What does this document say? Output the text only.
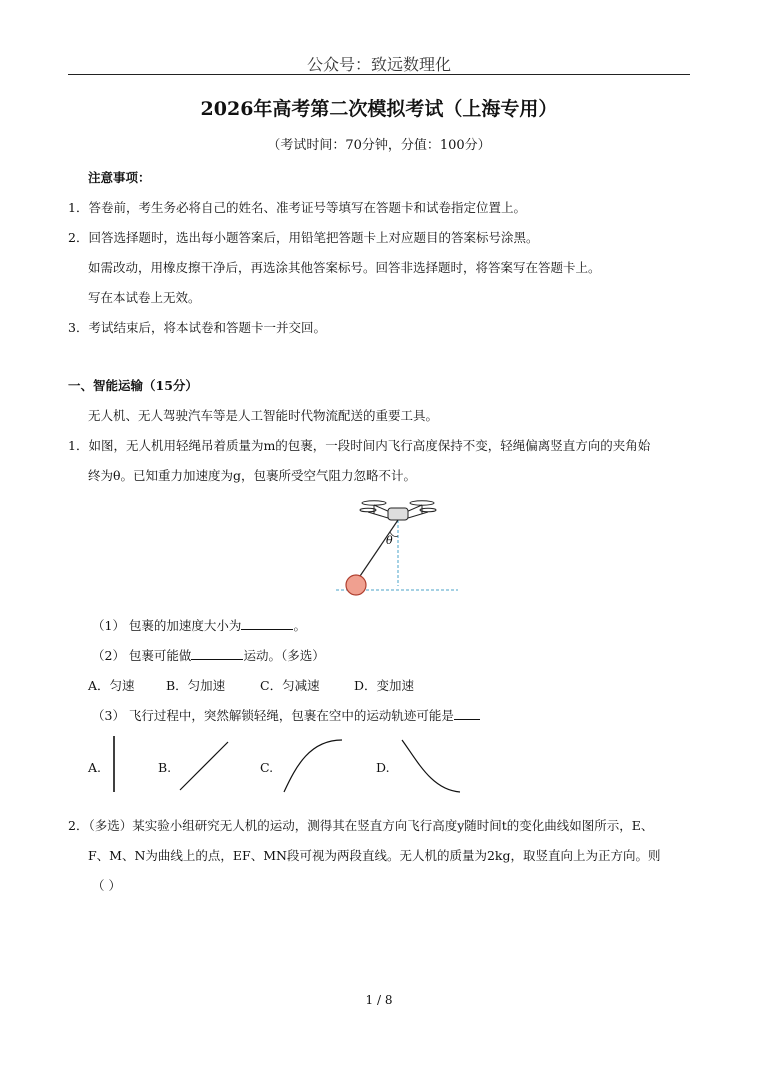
公众号：致远数理化
2026年高考第二次模拟考试（上海专用）
（考试时间：70分钟，分值：100分）
注意事项：
1．答卷前，考生务必将自己的姓名、准考证号等填写在答题卡和试卷指定位置上。
2．回答选择题时，选出每小题答案后，用铅笔把答题卡上对应题目的答案标号涂黑。
如需改动，用橡皮擦干净后，再选涂其他答案标号。回答非选择题时，将答案写在答题卡上。
写在本试卷上无效。
3．考试结束后，将本试卷和答题卡一并交回。
一、智能运输（15分）
无人机、无人驾驶汽车等是人工智能时代物流配送的重要工具。
1．如图，无人机用轻绳吊着质量为m的包裹，一段时间内飞行高度保持不变，轻绳偏离竖直方向的夹角始
终为θ。已知重力加速度为g，包裹所受空气阻力忽略不计。
θ
（1） 包裹的加速度大小为	。
（2） 包裹可能做	运动。（多选）
A．匀速	B．匀加速	C．匀减速	D．变加速
（3） 飞行过程中，突然解锁轻绳，包裹在空中的运动轨迹可能是
A.	B.	C.	D.
2．（多选）某实验小组研究无人机的运动，测得其在竖直方向飞行高度y随时间t的变化曲线如图所示，E、
F、M、N为曲线上的点，EF、MN段可视为两段直线。无人机的质量为2kg，取竖直向上为正方向。则
（ ）
1 / 8
